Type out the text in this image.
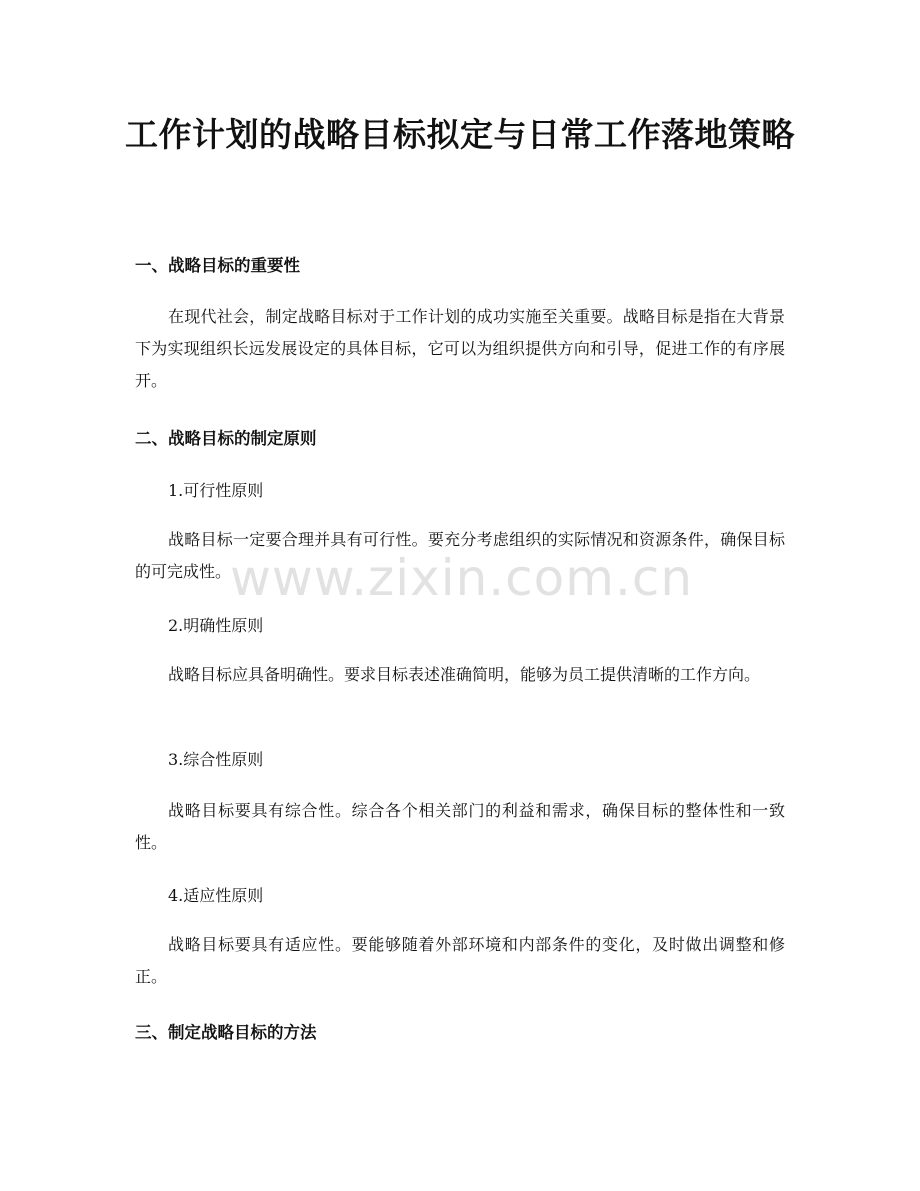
工作计划的战略目标拟定与日常工作落地策略
一、战略目标的重要性

在现代社会，制定战略目标对于工作计划的成功实施至关重要。战略目标是指在大背景下为实现组织长远发展设定的具体目标，它可以为组织提供方向和引导，促进工作的有序展开。

二、战略目标的制定原则

1.可行性原则

战略目标一定要合理并具有可行性。要充分考虑组织的实际情况和资源条件，确保目标的可完成性。

2.明确性原则

战略目标应具备明确性。要求目标表述准确简明，能够为员工提供清晰的工作方向。

3.综合性原则

战略目标要具有综合性。综合各个相关部门的利益和需求，确保目标的整体性和一致性。

4.适应性原则

战略目标要具有适应性。要能够随着外部环境和内部条件的变化，及时做出调整和修正。

三、制定战略目标的方法
www.zixin.com.cn
